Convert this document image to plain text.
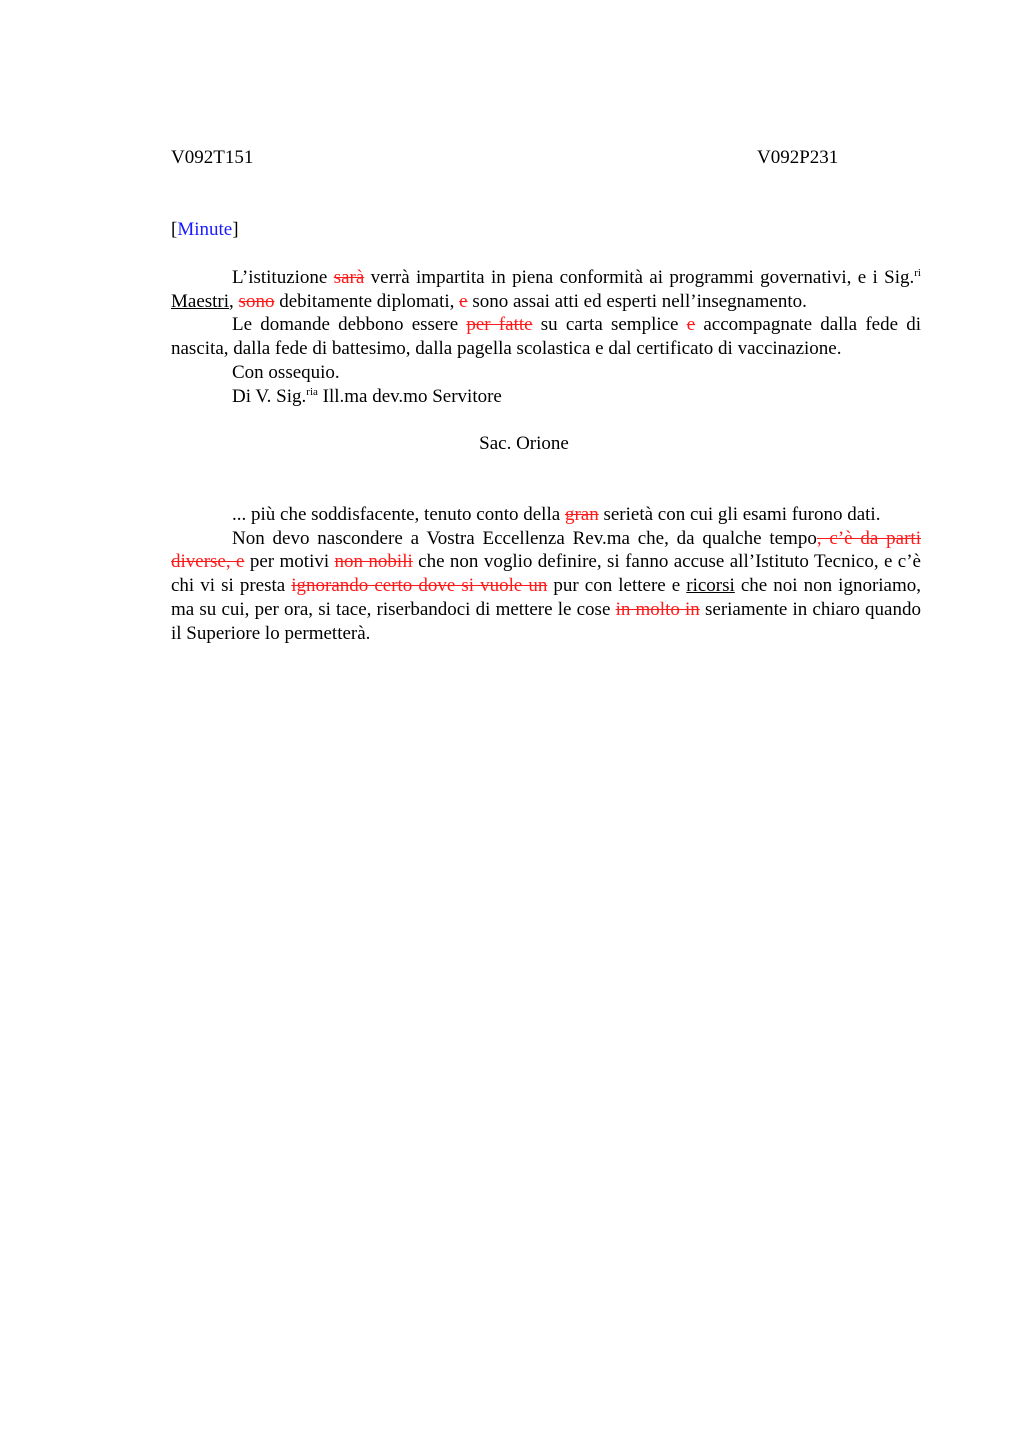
V092T151	V092P231
[Minute]

L’istituzione sarà verrà impartita in piena conformità ai programmi governativi, e i Sig.$^{ri}$ Maestri, sono debitamente diplomati, e sono assai atti ed esperti nell’insegnamento.

Le domande debbono essere per fatte su carta semplice e accompagnate dalla fede di nascita, dalla fede di battesimo, dalla pagella scolastica e dal certificato di vaccinazione.

Con ossequio.

Di V. Sig.$^{ria}$ Ill.ma dev.mo Servitore

Sac. Orione

... più che soddisfacente, tenuto conto della gran serietà con cui gli esami furono dati.

Non devo nascondere a Vostra Eccellenza Rev.ma che, da qualche tempo, c’è da parti diverse, e per motivi non nobili che non voglio definire, si fanno accuse all’Istituto Tecnico, e c’è chi vi si presta ignorando certo dove si vuole un pur con lettere e ricorsi che noi non ignoriamo, ma su cui, per ora, si tace, riserbandoci di mettere le cose in molto in seriamente in chiaro quando il Superiore lo permetterà.
